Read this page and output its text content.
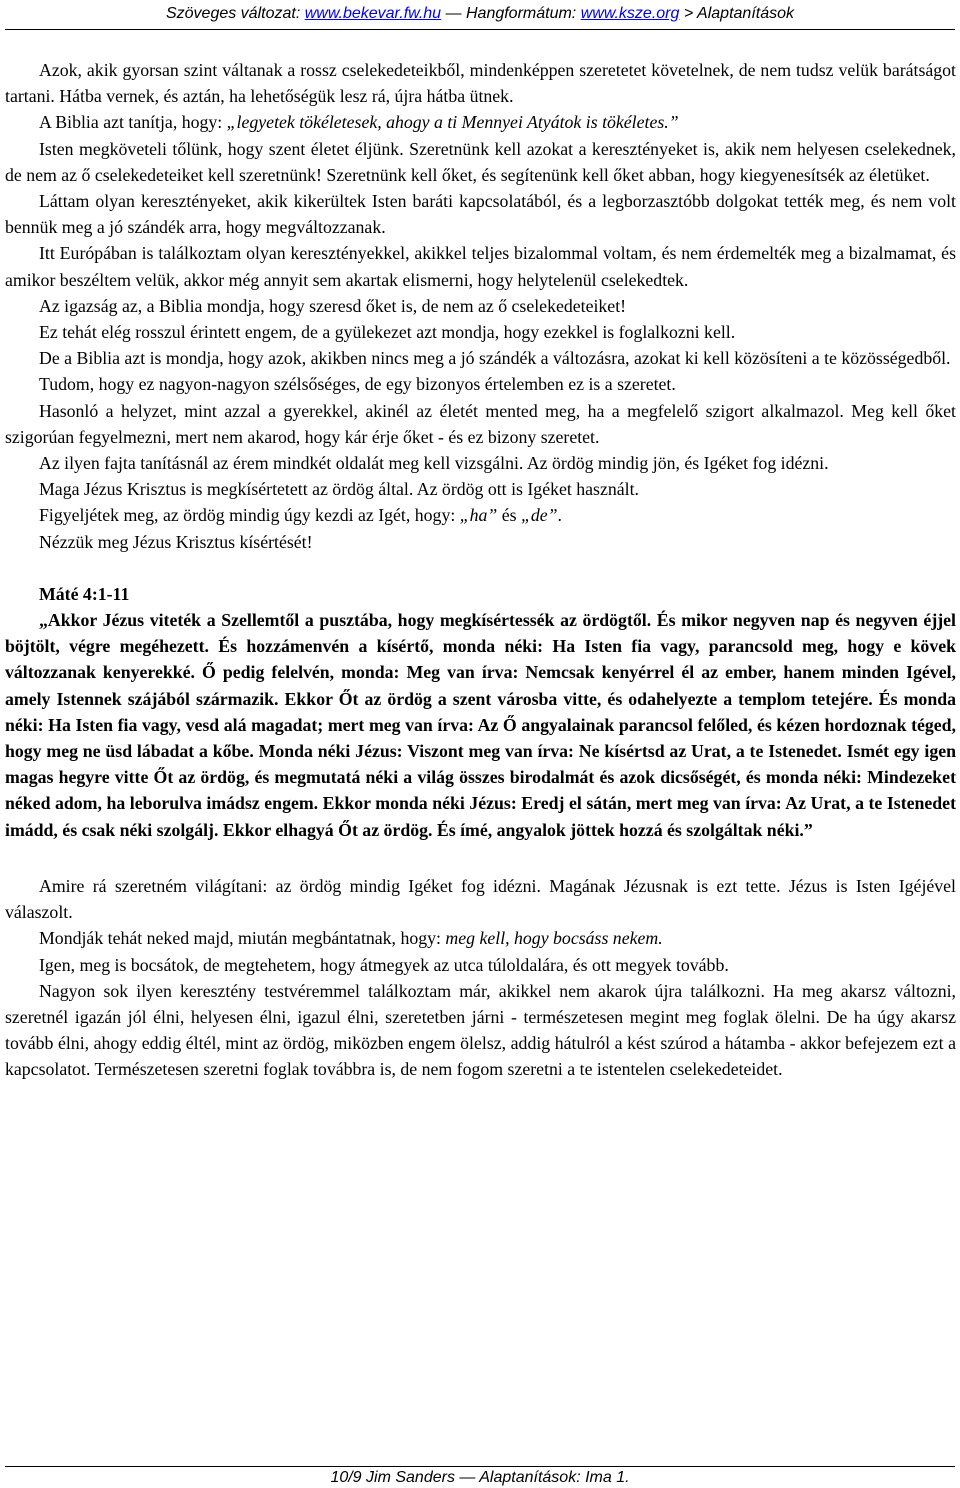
Szöveges változat: www.bekevar.fw.hu — Hangformátum: www.ksze.org > Alaptanítások

Azok, akik gyorsan szint váltanak a rossz cselekedeteikből, mindenképpen szeretetet követelnek, de nem tudsz velük barátságot tartani. Hátba vernek, és aztán, ha lehetőségük lesz rá, újra hátba ütnek.

A Biblia azt tanítja, hogy: „legyetek tökéletesek, ahogy a ti Mennyei Atyátok is tökéletes.”

Isten megköveteli tőlünk, hogy szent életet éljünk. Szeretnünk kell azokat a keresztényeket is, akik nem helyesen cselekednek, de nem az ő cselekedeteiket kell szeretnünk! Szeretnünk kell őket, és segítenünk kell őket abban, hogy kiegyenesítsék az életüket.

Láttam olyan keresztényeket, akik kikerültek Isten baráti kapcsolatából, és a legborzasztóbb dolgokat tették meg, és nem volt bennük meg a jó szándék arra, hogy megváltozzanak.

Itt Európában is találkoztam olyan keresztényekkel, akikkel teljes bizalommal voltam, és nem érdemelték meg a bizalmamat, és amikor beszéltem velük, akkor még annyit sem akartak elismerni, hogy helytelenül cselekedtek.

Az igazság az, a Biblia mondja, hogy szeresd őket is, de nem az ő cselekedeteiket!

Ez tehát elég rosszul érintett engem, de a gyülekezet azt mondja, hogy ezekkel is foglalkozni kell.

De a Biblia azt is mondja, hogy azok, akikben nincs meg a jó szándék a változásra, azokat ki kell közösíteni a te közösségedből.

Tudom, hogy ez nagyon-nagyon szélsőséges, de egy bizonyos értelemben ez is a szeretet.

Hasonló a helyzet, mint azzal a gyerekkel, akinél az életét mented meg, ha a megfelelő szigort alkalmazol. Meg kell őket szigorúan fegyelmezni, mert nem akarod, hogy kár érje őket - és ez bizony szeretet.

Az ilyen fajta tanításnál az érem mindkét oldalát meg kell vizsgálni. Az ördög mindig jön, és Igéket fog idézni.

Maga Jézus Krisztus is megkísértetett az ördög által. Az ördög ott is Igéket használt.

Figyeljétek meg, az ördög mindig úgy kezdi az Igét, hogy: „ha” és „de”.

Nézzük meg Jézus Krisztus kísértését!

Máté 4:1-11

„Akkor Jézus viteték a Szellemtől a pusztába, hogy megkísértessék az ördögtől. És mikor negyven nap és negyven éjjel böjtölt, végre megéhezett. És hozzámenvén a kísértő, monda néki: Ha Isten fia vagy, parancsold meg, hogy e kövek változzanak kenyerekké. Ő pedig felelvén, monda: Meg van írva: Nemcsak kenyérrel él az ember, hanem minden Igével, amely Istennek szájából származik. Ekkor Őt az ördög a szent városba vitte, és odahelyezte a templom tetejére. És monda néki: Ha Isten fia vagy, vesd alá magadat; mert meg van írva: Az Ő angyalainak parancsol felőled, és kézen hordoznak téged, hogy meg ne üsd lábadat a kőbe. Monda néki Jézus: Viszont meg van írva: Ne kísértsd az Urat, a te Istenedet. Ismét egy igen magas hegyre vitte Őt az ördög, és megmutatá néki a világ összes birodalmát és azok dicsőségét, és monda néki: Mindezeket néked adom, ha leborulva imádsz engem. Ekkor monda néki Jézus: Eredj el sátán, mert meg van írva: Az Urat, a te Istenedet imádd, és csak néki szolgálj. Ekkor elhagyá Őt az ördög. És ímé, angyalok jöttek hozzá és szolgáltak néki.”

Amire rá szeretném világítani: az ördög mindig Igéket fog idézni. Magának Jézusnak is ezt tette. Jézus is Isten Igéjével válaszolt.

Mondják tehát neked majd, miután megbántatnak, hogy: meg kell, hogy bocsáss nekem.

Igen, meg is bocsátok, de megtehetem, hogy átmegyek az utca túloldalára, és ott megyek tovább.

Nagyon sok ilyen keresztény testvéremmel találkoztam már, akikkel nem akarok újra találkozni. Ha meg akarsz változni, szeretnél igazán jól élni, helyesen élni, igazul élni, szeretetben járni - természetesen megint meg foglak ölelni. De ha úgy akarsz tovább élni, ahogy eddig éltél, mint az ördög, miközben engem ölelsz, addig hátulról a kést szúrod a hátamba - akkor befejezem ezt a kapcsolatot. Természetesen szeretni foglak továbbra is, de nem fogom szeretni a te istentelen cselekedeteidet.

10/9 Jim Sanders — Alaptanítások: Ima 1.
